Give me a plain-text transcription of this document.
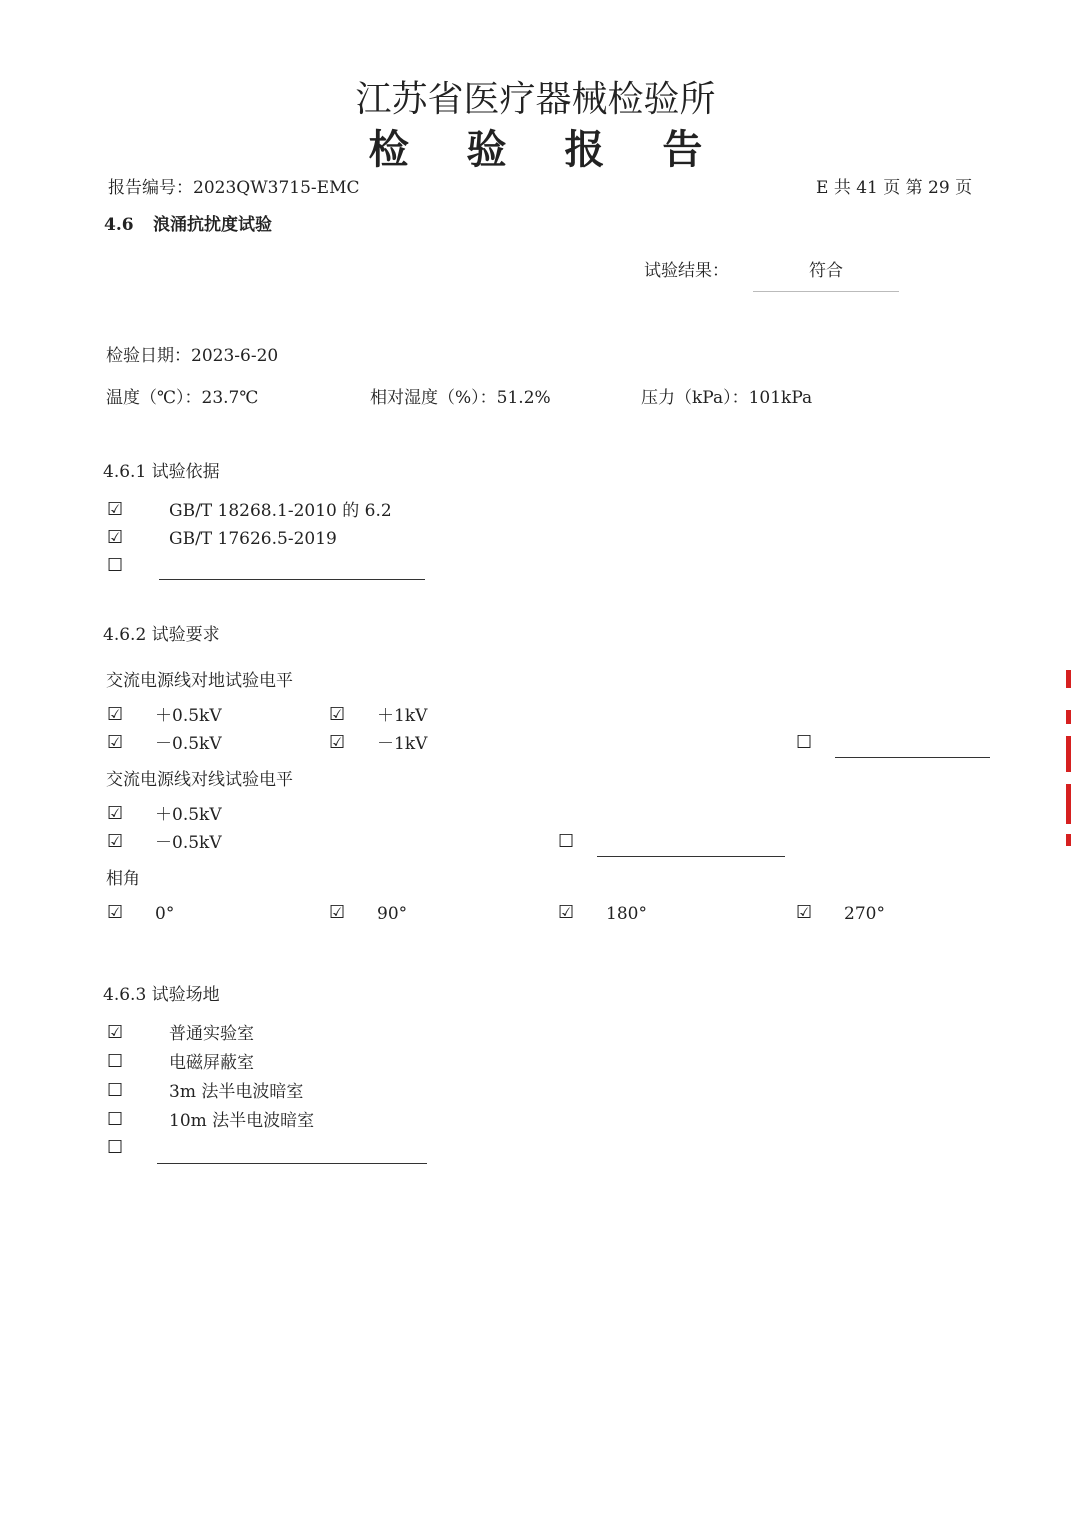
江苏省医疗器械检验所
检 验 报 告
报告编号：2023QW3715-EMC	E 共 41 页 第 29 页
4.6 浪涌抗扰度试验
试验结果：	符合
检验日期：2023-6-20
温度（℃）：23.7℃	相对湿度（%）：51.2%	压力（kPa）：101kPa
4.6.1 试验依据
☑	GB/T 18268.1-2010 的 6.2
☑	GB/T 17626.5-2019
☐
4.6.2 试验要求
交流电源线对地试验电平
☑ ＋0.5kV	☑ ＋1kV
☑ －0.5kV	☑ －1kV	☐
交流电源线对线试验电平
☑ ＋0.5kV
☑ －0.5kV	☐
相角
☑ 0°	☑ 90°	☑ 180°	☑ 270°
4.6.3 试验场地
☑	普通实验室
☐	电磁屏蔽室
☐	3m 法半电波暗室
☐	10m 法半电波暗室
☐
